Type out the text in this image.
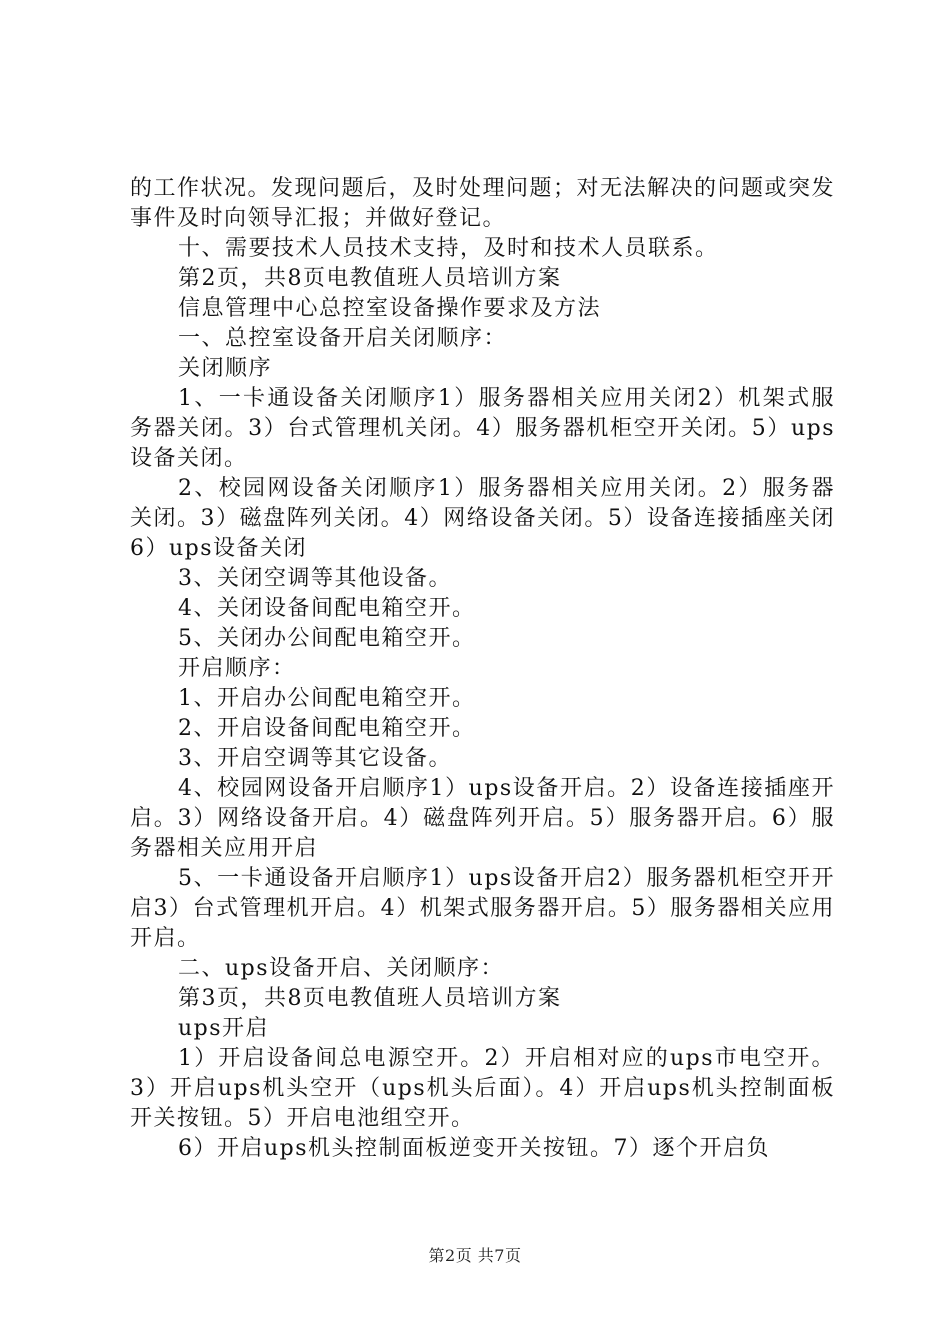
的工作状况。发现问题后，及时处理问题；对无法解决的问题或突发事件及时向领导汇报；并做好登记。

十、需要技术人员技术支持，及时和技术人员联系。

第2页，共8页电教值班人员培训方案

信息管理中心总控室设备操作要求及方法

一、总控室设备开启关闭顺序：

关闭顺序

1、一卡通设备关闭顺序1）服务器相关应用关闭2）机架式服务器关闭。3）台式管理机关闭。4）服务器机柜空开关闭。5）ups设备关闭。

2、校园网设备关闭顺序1）服务器相关应用关闭。2）服务器关闭。3）磁盘阵列关闭。4）网络设备关闭。5）设备连接插座关闭6）ups设备关闭

3、关闭空调等其他设备。

4、关闭设备间配电箱空开。

5、关闭办公间配电箱空开。

开启顺序：

1、开启办公间配电箱空开。

2、开启设备间配电箱空开。

3、开启空调等其它设备。

4、校园网设备开启顺序1）ups设备开启。2）设备连接插座开启。3）网络设备开启。4）磁盘阵列开启。5）服务器开启。6）服务器相关应用开启

5、一卡通设备开启顺序1）ups设备开启2）服务器机柜空开开启3）台式管理机开启。4）机架式服务器开启。5）服务器相关应用开启。

二、ups设备开启、关闭顺序：

第3页，共8页电教值班人员培训方案

ups开启

1）开启设备间总电源空开。2）开启相对应的ups市电空开。3）开启ups机头空开（ups机头后面）。4）开启ups机头控制面板开关按钮。5）开启电池组空开。

6）开启ups机头控制面板逆变开关按钮。7）逐个开启负

第2页 共7页
